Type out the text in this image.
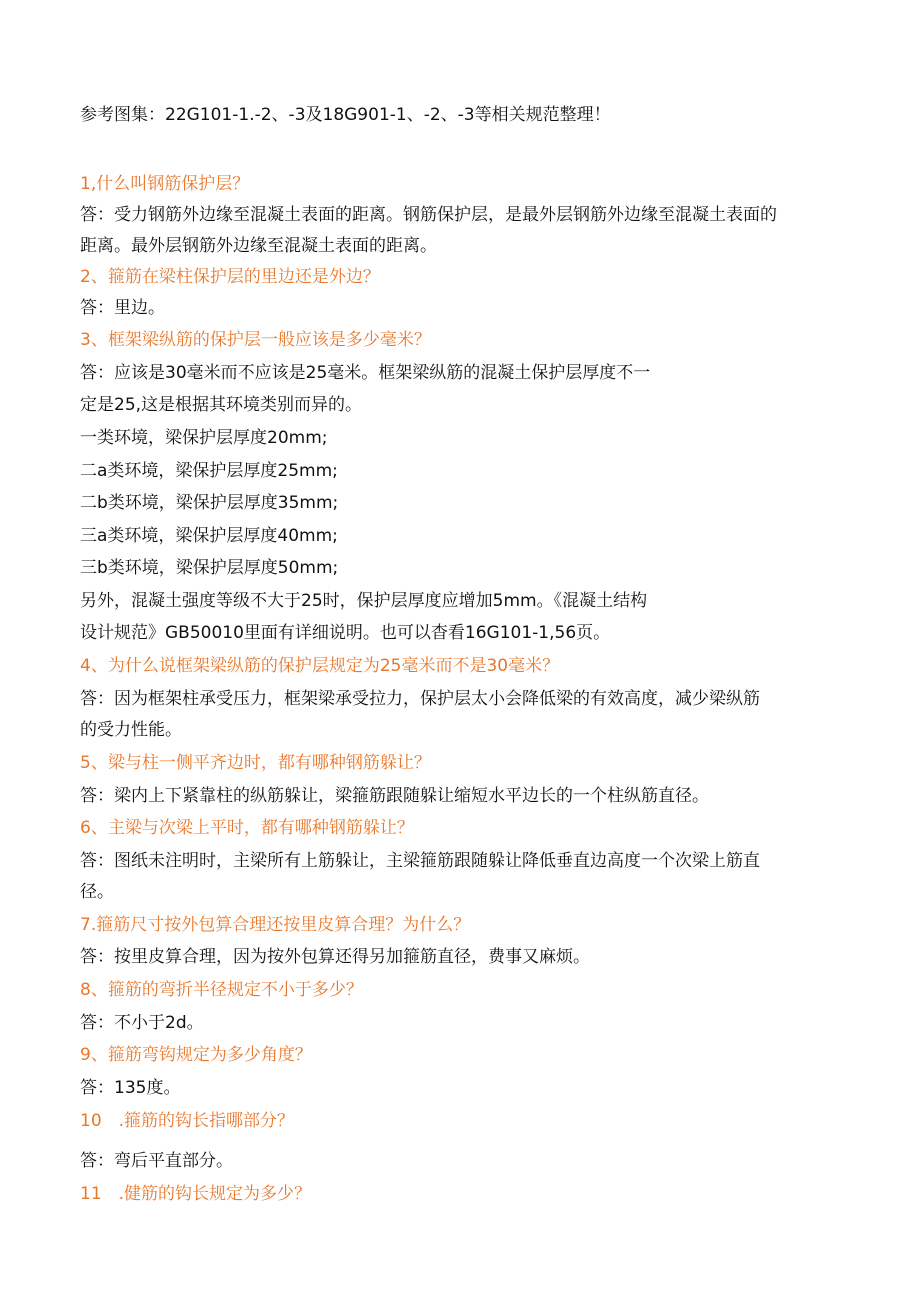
参考图集：22G101-1.-2、-3及18G901-1、-2、-3等相关规范整理！
1,什么叫钢筋保护层？
答：受力钢筋外边缘至混凝土表面的距离。钢筋保护层，是最外层钢筋外边缘至混凝土表面的
距离。最外层钢筋外边缘至混凝土表面的距离。
2、箍筋在梁柱保护层的里边还是外边？
答：里边。
3、框架梁纵筋的保护层一般应该是多少毫米？
答：应该是30毫米而不应该是25毫米。框架梁纵筋的混凝土保护层厚度不一
定是25,这是根据其环境类别而异的。
一类环境，梁保护层厚度20mm;
二a类环境，梁保护层厚度25mm;
二b类环境，梁保护层厚度35mm;
三a类环境，梁保护层厚度40mm;
三b类环境，梁保护层厚度50mm;
另外，混凝土强度等级不大于25时，保护层厚度应增加5mm。《混凝土结构
设计规范》GB50010里面有详细说明。也可以杳看16G101-1,56页。
4、为什么说框架梁纵筋的保护层规定为25毫米而不是30毫米？
答：因为框架柱承受压力，框架梁承受拉力，保护层太小会降低梁的有效高度，减少梁纵筋
的受力性能。
5、梁与柱一侧平齐边时，都有哪种钢筋躲让？
答：梁内上下紧靠柱的纵筋躲让，梁箍筋跟随躲让缩短水平边长的一个柱纵筋直径。
6、主梁与次梁上平时，都有哪种钢筋躲让？
答：图纸未注明时，主梁所有上筋躲让，主梁箍筋跟随躲让降低垂直边高度一个次梁上筋直
径。
7.箍筋尺寸按外包算合理还按里皮算合理？为什么？
答：按里皮算合理，因为按外包算还得另加箍筋直径，费事又麻烦。
8、箍筋的弯折半径规定不小于多少？
答：不小于2d。
9、箍筋弯钩规定为多少角度？
答：135度。
10　.箍筋的钩长指哪部分？
答：弯后平直部分。
11　.健筋的钩长规定为多少？
